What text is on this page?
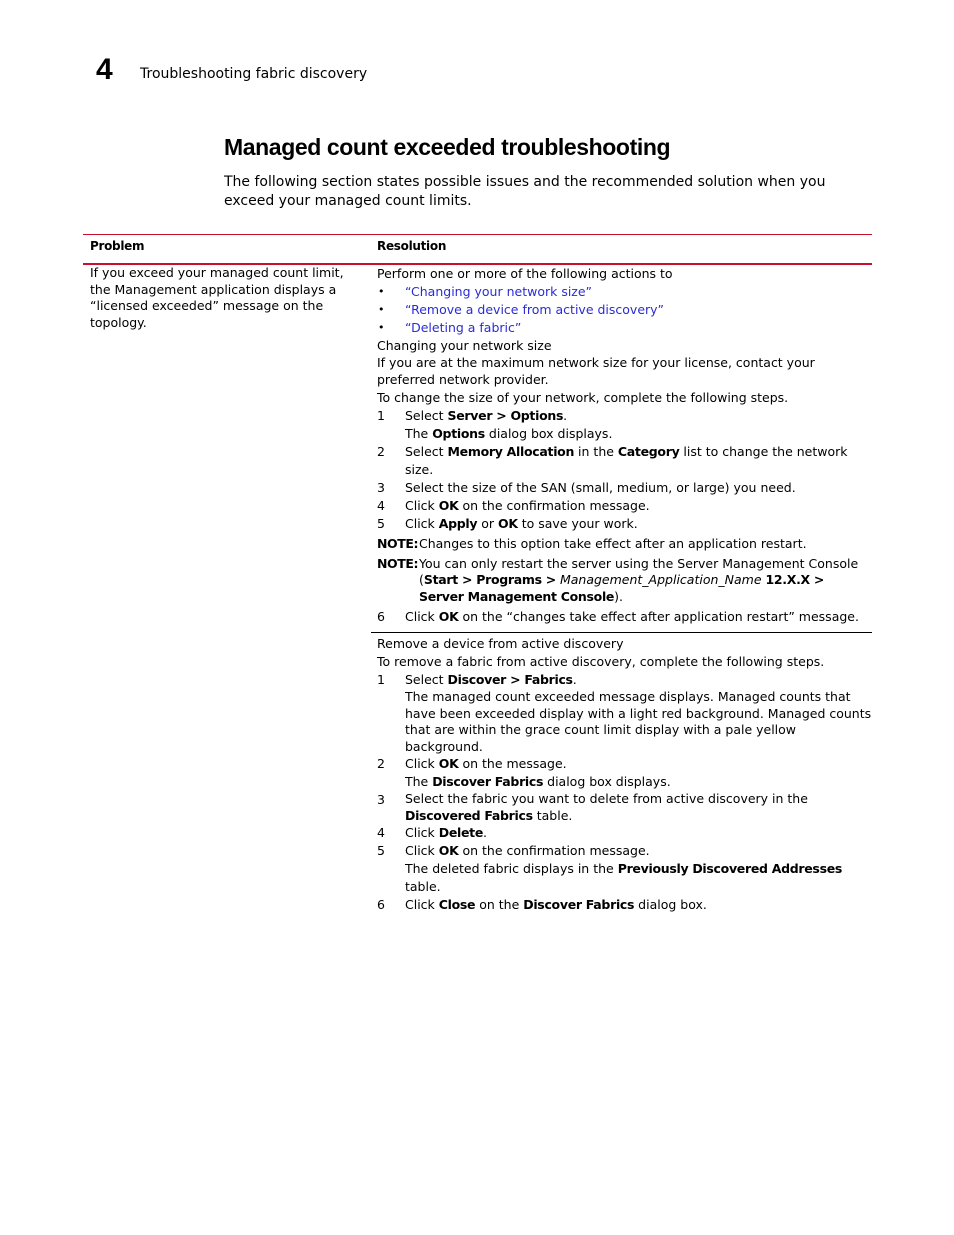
4 Troubleshooting fabric discovery
Managed count exceeded troubleshooting
The following section states possible issues and the recommended solution when you exceed your managed count limits.
Problem	Resolution
If you exceed your managed count limit, the Management application displays a “licensed exceeded” message on the topology.

Perform one or more of the following actions to

• “Changing your network size”
• “Remove a device from active discovery”
• “Deleting a fabric”

Changing your network size

If you are at the maximum network size for your license, contact your preferred network provider.

To change the size of your network, complete the following steps.

1 Select Server > Options.
The Options dialog box displays.
2 Select Memory Allocation in the Category list to change the network size.
3 Select the size of the SAN (small, medium, or large) you need.
4 Click OK on the confirmation message.
5 Click Apply or OK to save your work.
NOTE: Changes to this option take effect after an application restart.
NOTE: You can only restart the server using the Server Management Console (Start > Programs > Management_Application_Name 12.X.X > Server Management Console).
6 Click OK on the “changes take effect after application restart” message.

Remove a device from active discovery

To remove a fabric from active discovery, complete the following steps.

1 Select Discover > Fabrics.
The managed count exceeded message displays. Managed counts that have been exceeded display with a light red background. Managed counts that are within the grace count limit display with a pale yellow background.
2 Click OK on the message.
The Discover Fabrics dialog box displays.
3 Select the fabric you want to delete from active discovery in the Discovered Fabrics table.
4 Click Delete.
5 Click OK on the confirmation message.
The deleted fabric displays in the Previously Discovered Addresses table.
6 Click Close on the Discover Fabrics dialog box.
